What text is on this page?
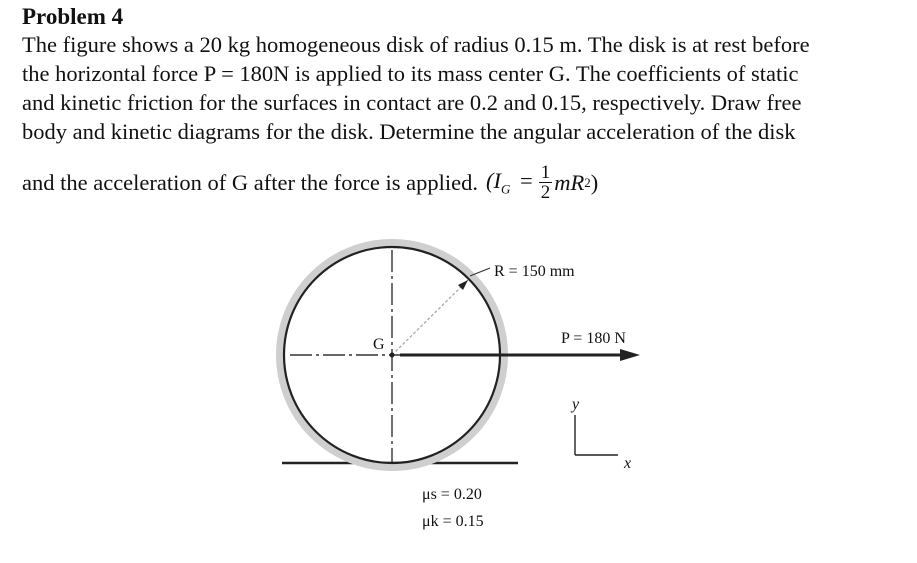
Problem 4
The figure shows a 20 kg homogeneous disk of radius 0.15 m. The disk is at rest before
the horizontal force P = 180N is applied to its mass center G. The coefficients of static
and kinetic friction for the surfaces in contact are 0.2 and 0.15, respectively. Draw free
body and kinetic diagrams for the disk. Determine the angular acceleration of the disk
and the acceleration of G after the force is applied. ($I_G = \frac{1}{2}$ mR 2 )
R = 150 mm
G	P = 180 N
y
x
μs = 0.20
μk = 0.15
